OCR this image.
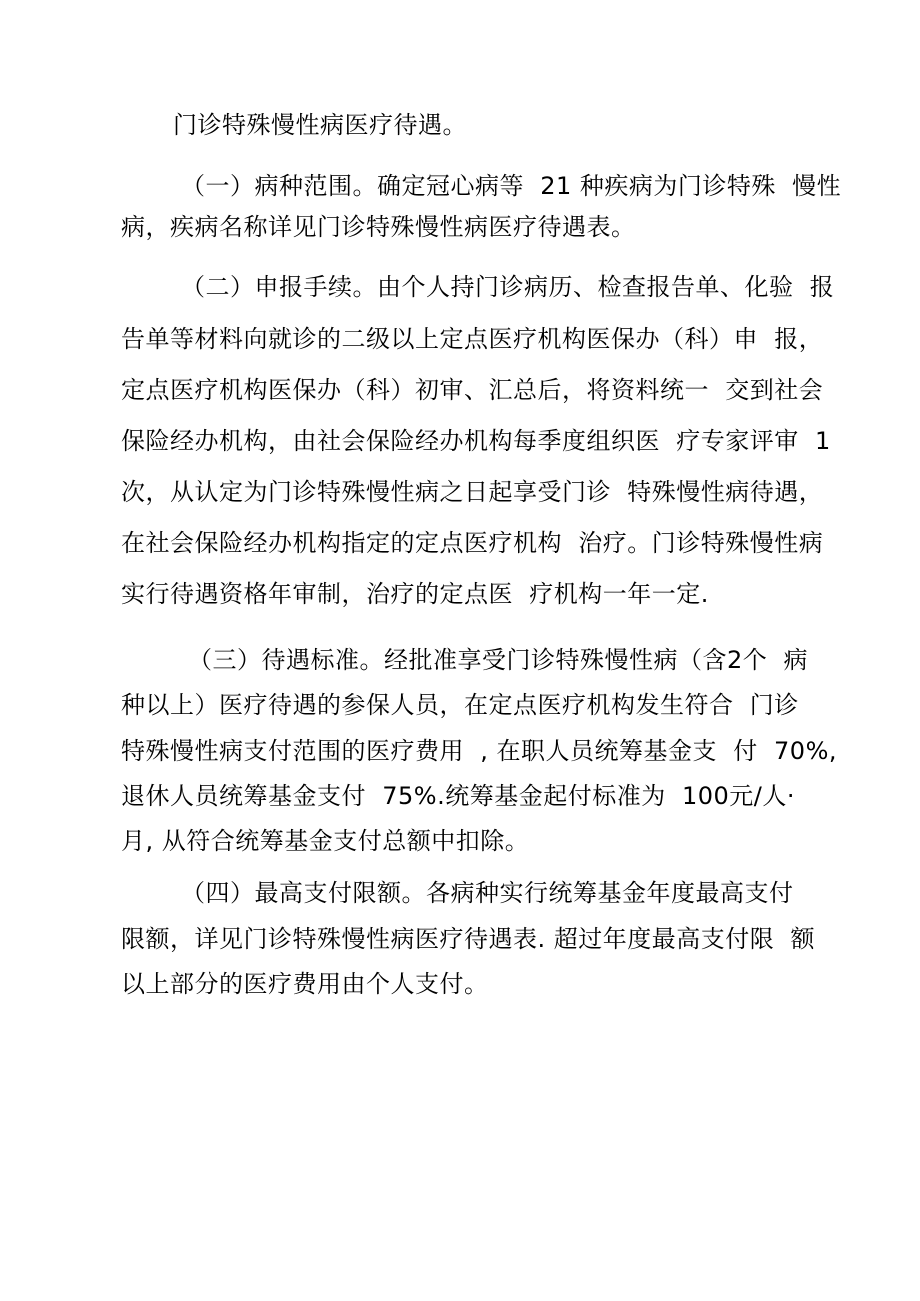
门诊特殊慢性病医疗待遇。
（一）病种范围。确定冠心病等  21 种疾病为门诊特殊  慢性
病，疾病名称详见门诊特殊慢性病医疗待遇表。
（二）申报手续。由个人持门诊病历、检查报告单、化验  报
告单等材料向就诊的二级以上定点医疗机构医保办（科）申  报，
定点医疗机构医保办（科）初审、汇总后，将资料统一  交到社会
保险经办机构，由社会保险经办机构每季度组织医  疗专家评审  1
次，从认定为门诊特殊慢性病之日起享受门诊  特殊慢性病待遇，
在社会保险经办机构指定的定点医疗机构  治疗。门诊特殊慢性病
实行待遇资格年审制，治疗的定点医  疗机构一年一定.
（三）待遇标准。经批准享受门诊特殊慢性病（含2个  病
种以上）医疗待遇的参保人员，在定点医疗机构发生符合  门诊
特殊慢性病支付范围的医疗费用  , 在职人员统筹基金支  付  70%,
退休人员统筹基金支付  75%.统筹基金起付标准为  100元/人·
月, 从符合统筹基金支付总额中扣除。
（四）最高支付限额。各病种实行统筹基金年度最高支付
限额，详见门诊特殊慢性病医疗待遇表. 超过年度最高支付限  额
以上部分的医疗费用由个人支付。
